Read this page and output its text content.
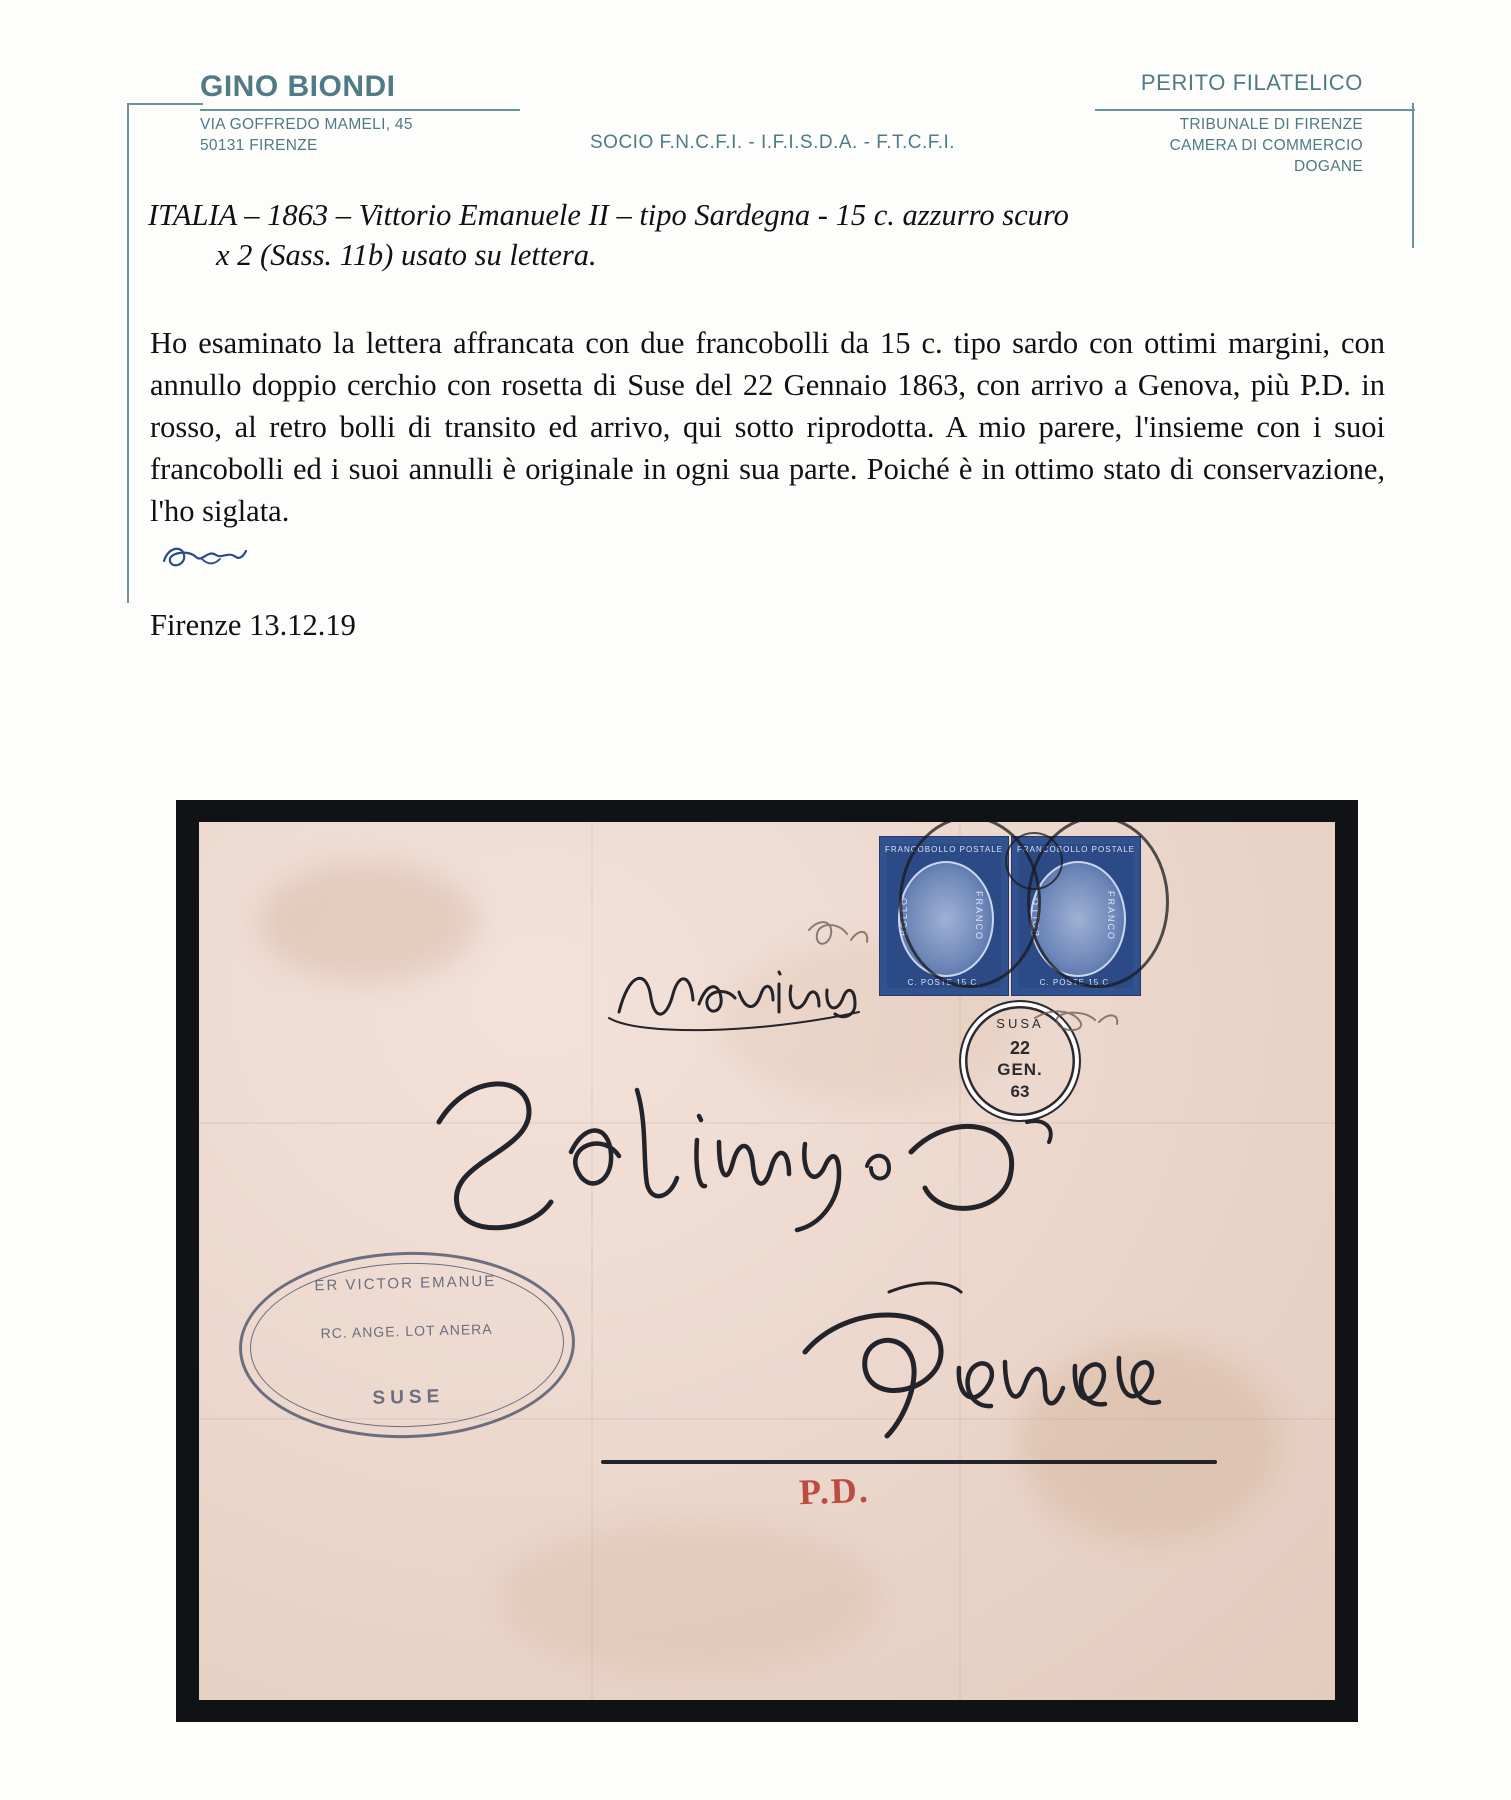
GINO BIONDI
VIA GOFFREDO MAMELI, 45
50131 FIRENZE	SOCIO F.N.C.F.I. - I.F.I.S.D.A. - F.T.C.F.I.
PERITO FILATELICO
TRIBUNALE DI FIRENZE
CAMERA DI COMMERCIO
DOGANE
ITALIA – 1863 – Vittorio Emanuele II – tipo Sardegna - 15 c. azzurro scuro
x 2 (Sass. 11b) usato su lettera.

Ho esaminato la lettera affrancata con due francobolli da 15 c. tipo sardo con ottimi margini, con annullo doppio cerchio con rosetta di Suse del 22 Gennaio 1863, con arrivo a Genova, più P.D. in rosso, al retro bolli di transito ed arrivo, qui sotto riprodotta. A mio parere, l'insieme con i suoi francobolli ed i suoi annulli è originale in ogni sua parte. Poiché è in ottimo stato di conservazione, l'ho siglata.

Firenze 13.12.19
FRANCOBOLLO POSTALE
BOLLO	FRANCO
C. POSTE 15 C.
FRANCOBOLLO POSTALE
BOLLO	FRANCO
C. POSTE 15 C.
SUSA
22
GEN.
63
ER VICTOR EMANUE
RC. ANGE. LOT ANERA
SUSE
P.D.
